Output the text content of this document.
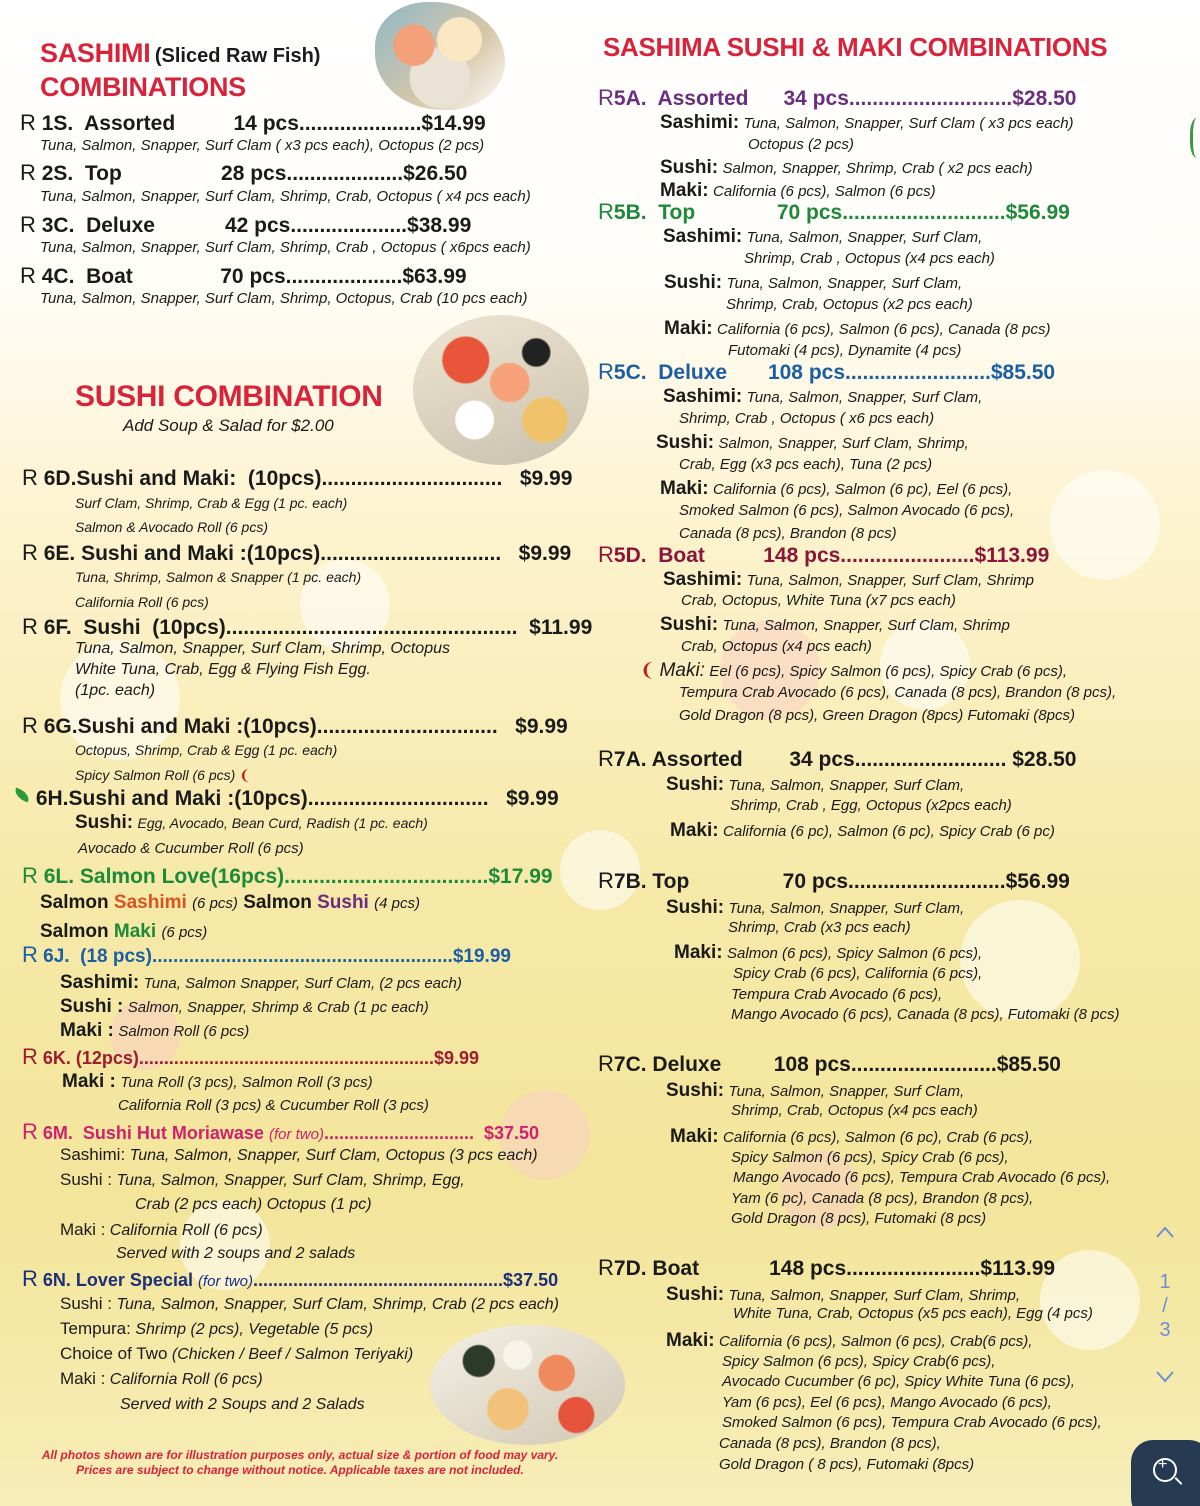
SASHIMI (Sliced Raw Fish)
COMBINATIONS
R 1S.  Assorted          14 pcs.....................$14.99
Tuna, Salmon, Snapper, Surf Clam ( x3 pcs each), Octopus (2 pcs)
R 2S.  Top                 28 pcs....................$26.50
Tuna, Salmon, Snapper, Surf Clam, Shrimp, Crab, Octopus ( x4 pcs each)
R 3C.  Deluxe            42 pcs....................$38.99
Tuna, Salmon, Snapper, Surf Clam, Shrimp, Crab , Octopus ( x6pcs each)
R 4C.  Boat               70 pcs....................$63.99
Tuna, Salmon, Snapper, Surf Clam, Shrimp, Octopus, Crab (10 pcs each)
SUSHI COMBINATION
Add Soup & Salad for $2.00
R 6D.Sushi and Maki:  (10pcs)...............................   $9.99
Surf Clam, Shrimp, Crab & Egg (1 pc. each)
Salmon & Avocado Roll (6 pcs)
R 6E. Sushi and Maki :(10pcs)...............................   $9.99
Tuna, Shrimp, Salmon & Snapper (1 pc. each)
California Roll (6 pcs)
R 6F.  Sushi  (10pcs)..................................................  $11.99
Tuna, Salmon, Snapper, Surf Clam, Shrimp, Octopus
White Tuna, Crab, Egg & Flying Fish Egg.
(1pc. each)
R 6G.Sushi and Maki :(10pcs)...............................   $9.99
Octopus, Shrimp, Crab & Egg (1 pc. each)
Spicy Salmon Roll (6 pcs) ❨
6H.Sushi and Maki :(10pcs)...............................   $9.99
Sushi: Egg, Avocado, Bean Curd, Radish (1 pc. each)
Avocado & Cucumber Roll (6 pcs)
R 6L. Salmon Love(16pcs)...................................$17.99
Salmon Sashimi (6 pcs) Salmon Sushi (4 pcs)
Salmon Maki (6 pcs)
R 6J.  (18 pcs).........................................................$19.99
Sashimi: Tuna, Salmon Snapper, Surf Clam, (2 pcs each)
Sushi : Salmon, Snapper, Shrimp & Crab (1 pc each)
Maki : Salmon Roll (6 pcs)
R 6K. (12pcs)...........................................................$9.99
Maki : Tuna Roll (3 pcs), Salmon Roll (3 pcs)
California Roll (3 pcs) & Cucumber Roll (3 pcs)
R 6M.  Sushi Hut Moriawase (for two)..............................  $37.50
Sashimi: Tuna, Salmon, Snapper, Surf Clam, Octopus (3 pcs each)
Sushi : Tuna, Salmon, Snapper, Surf Clam, Shrimp, Egg,
Crab (2 pcs each) Octopus (1 pc)
Maki : California Roll (6 pcs)
Served with 2 soups and 2 salads
R 6N. Lover Special (for two)..................................................$37.50
Sushi : Tuna, Salmon, Snapper, Surf Clam, Shrimp, Crab (2 pcs each)
Tempura: Shrimp (2 pcs), Vegetable (5 pcs)
Choice of Two (Chicken / Beef / Salmon Teriyaki)
Maki : California Roll (6 pcs)
Served with 2 Soups and 2 Salads
All photos shown are for illustration purposes only, actual size & portion of food may vary.
Prices are subject to change without notice. Applicable taxes are not included.
SASHIMA SUSHI & MAKI COMBINATIONS
R5A.  Assorted      34 pcs............................$28.50
Sashimi: Tuna, Salmon, Snapper, Surf Clam ( x3 pcs each)
Octopus (2 pcs)
Sushi: Salmon, Snapper, Shrimp, Crab ( x2 pcs each)
Maki: California (6 pcs), Salmon (6 pcs)
R5B.  Top              70 pcs............................$56.99
Sashimi: Tuna, Salmon, Snapper, Surf Clam,
Shrimp, Crab , Octopus (x4 pcs each)
Sushi: Tuna, Salmon, Snapper, Surf Clam,
Shrimp, Crab, Octopus (x2 pcs each)
Maki: California (6 pcs), Salmon (6 pcs), Canada (8 pcs)
Futomaki (4 pcs), Dynamite (4 pcs)
R5C.  Deluxe       108 pcs.........................$85.50
Sashimi: Tuna, Salmon, Snapper, Surf Clam,
Shrimp, Crab , Octopus ( x6 pcs each)
Sushi: Salmon, Snapper, Surf Clam, Shrimp,
Crab, Egg (x3 pcs each), Tuna (2 pcs)
Maki: California (6 pcs), Salmon (6 pc), Eel (6 pcs),
Smoked Salmon (6 pcs), Salmon Avocado (6 pcs),
Canada (8 pcs), Brandon (8 pcs)
R5D.  Boat          148 pcs.......................$113.99
Sashimi: Tuna, Salmon, Snapper, Surf Clam, Shrimp
Crab, Octopus, White Tuna (x7 pcs each)
Sushi: Tuna, Salmon, Snapper, Surf Clam, Shrimp
Crab, Octopus (x4 pcs each)
❨ Maki: Eel (6 pcs), Spicy Salmon (6 pcs), Spicy Crab (6 pcs),
Tempura Crab Avocado (6 pcs), Canada (8 pcs), Brandon (8 pcs),
Gold Dragon (8 pcs), Green Dragon (8pcs) Futomaki (8pcs)
R7A. Assorted        34 pcs.......................... $28.50
Sushi: Tuna, Salmon, Snapper, Surf Clam,
Shrimp, Crab , Egg, Octopus (x2pcs each)
Maki: California (6 pc), Salmon (6 pc), Spicy Crab (6 pc)
R7B. Top                70 pcs...........................$56.99
Sushi: Tuna, Salmon, Snapper, Surf Clam,
Shrimp, Crab (x3 pcs each)
Maki: Salmon (6 pcs), Spicy Salmon (6 pcs),
Spicy Crab (6 pcs), California (6 pcs),
Tempura Crab Avocado (6 pcs),
Mango Avocado (6 pcs), Canada (8 pcs), Futomaki (8 pcs)
R7C. Deluxe         108 pcs.........................$85.50
Sushi: Tuna, Salmon, Snapper, Surf Clam,
Shrimp, Crab, Octopus (x4 pcs each)
Maki: California (6 pcs), Salmon (6 pc), Crab (6 pcs),
Spicy Salmon (6 pcs), Spicy Crab (6 pcs),
Mango Avocado (6 pcs), Tempura Crab Avocado (6 pcs),
Yam (6 pc), Canada (8 pcs), Brandon (8 pcs),
Gold Dragon (8 pcs), Futomaki (8 pcs)
R7D. Boat            148 pcs.......................$113.99
Sushi: Tuna, Salmon, Snapper, Surf Clam, Shrimp,
White Tuna, Crab, Octopus (x5 pcs each), Egg (4 pcs)
Maki: California (6 pcs), Salmon (6 pcs), Crab(6 pcs),
Spicy Salmon (6 pcs), Spicy Crab(6 pcs),
Avocado Cucumber (6 pc), Spicy White Tuna (6 pcs),
Yam (6 pcs), Eel (6 pcs), Mango Avocado (6 pcs),
Smoked Salmon (6 pcs), Tempura Crab Avocado (6 pcs),
Canada (8 pcs), Brandon (8 pcs),
Gold Dragon ( 8 pcs), Futomaki (8pcs)
1
/
3
+
